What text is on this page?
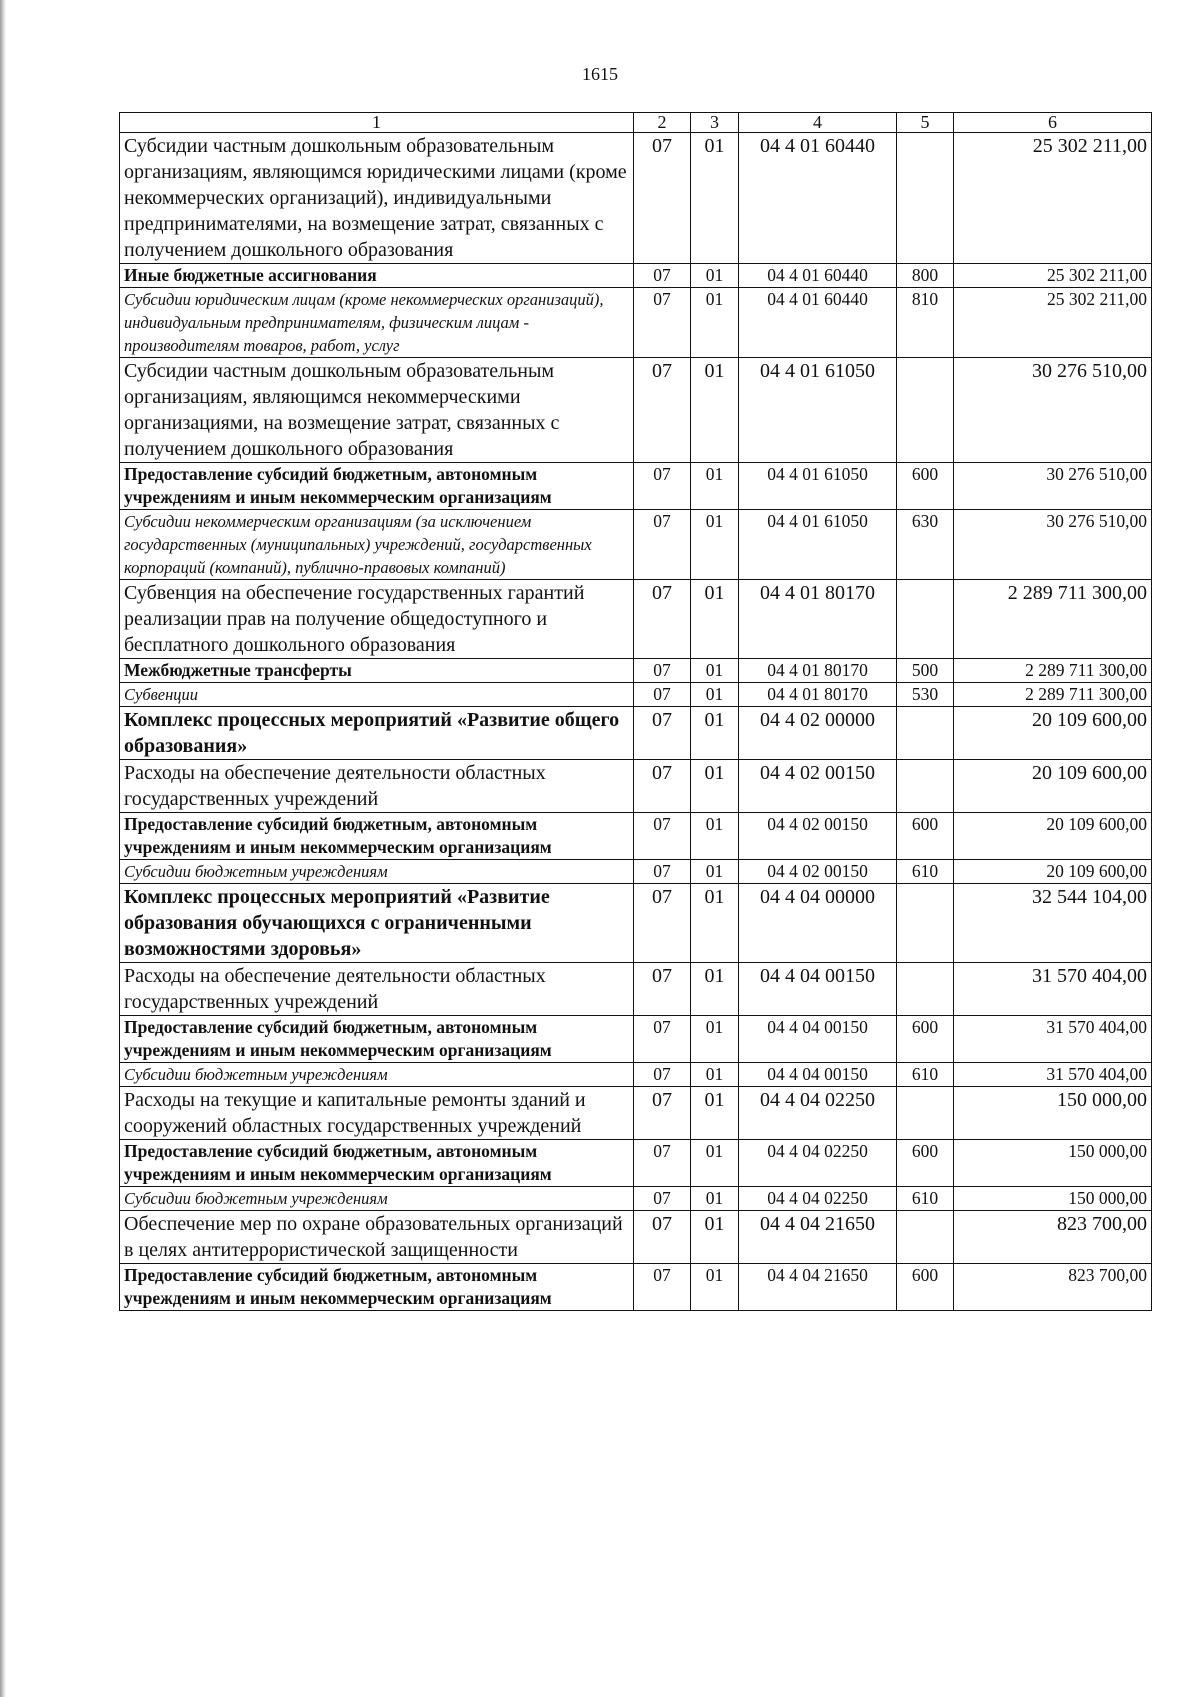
1615
1	2	3	4	5	6
Субсидии частным дошкольным образовательным организациям, являющимся юридическими лицами (кроме некоммерческих организаций), индивидуальными предпринимателями, на возмещение затрат, связанных с получением дошкольного образования	07	01	04 4 01 60440		25 302 211,00
Иные бюджетные ассигнования	07	01	04 4 01 60440	800	25 302 211,00
Субсидии юридическим лицам (кроме некоммерческих организаций), индивидуальным предпринимателям, физическим лицам - производителям товаров, работ, услуг	07	01	04 4 01 60440	810	25 302 211,00
Субсидии частным дошкольным образовательным организациям, являющимся некоммерческими организациями, на возмещение затрат, связанных с получением дошкольного образования	07	01	04 4 01 61050		30 276 510,00
Предоставление субсидий бюджетным, автономным учреждениям и иным некоммерческим организациям	07	01	04 4 01 61050	600	30 276 510,00
Субсидии некоммерческим организациям (за исключением государственных (муниципальных) учреждений, государственных корпораций (компаний), публично-правовых компаний)	07	01	04 4 01 61050	630	30 276 510,00
Субвенция на обеспечение государственных гарантий реализации прав на получение общедоступного и бесплатного дошкольного образования	07	01	04 4 01 80170		2 289 711 300,00
Межбюджетные трансферты	07	01	04 4 01 80170	500	2 289 711 300,00
Субвенции	07	01	04 4 01 80170	530	2 289 711 300,00
Комплекс процессных мероприятий «Развитие общего образования»	07	01	04 4 02 00000		20 109 600,00
Расходы на обеспечение деятельности областных государственных учреждений	07	01	04 4 02 00150		20 109 600,00
Предоставление субсидий бюджетным, автономным учреждениям и иным некоммерческим организациям	07	01	04 4 02 00150	600	20 109 600,00
Субсидии бюджетным учреждениям	07	01	04 4 02 00150	610	20 109 600,00
Комплекс процессных мероприятий «Развитие образования обучающихся с ограниченными возможностями здоровья»	07	01	04 4 04 00000		32 544 104,00
Расходы на обеспечение деятельности областных государственных учреждений	07	01	04 4 04 00150		31 570 404,00
Предоставление субсидий бюджетным, автономным учреждениям и иным некоммерческим организациям	07	01	04 4 04 00150	600	31 570 404,00
Субсидии бюджетным учреждениям	07	01	04 4 04 00150	610	31 570 404,00
Расходы на текущие и капитальные ремонты зданий и сооружений областных государственных учреждений	07	01	04 4 04 02250		150 000,00
Предоставление субсидий бюджетным, автономным учреждениям и иным некоммерческим организациям	07	01	04 4 04 02250	600	150 000,00
Субсидии бюджетным учреждениям	07	01	04 4 04 02250	610	150 000,00
Обеспечение мер по охране образовательных организаций в целях антитеррористической защищенности	07	01	04 4 04 21650		823 700,00
Предоставление субсидий бюджетным, автономным учреждениям и иным некоммерческим организациям	07	01	04 4 04 21650	600	823 700,00
